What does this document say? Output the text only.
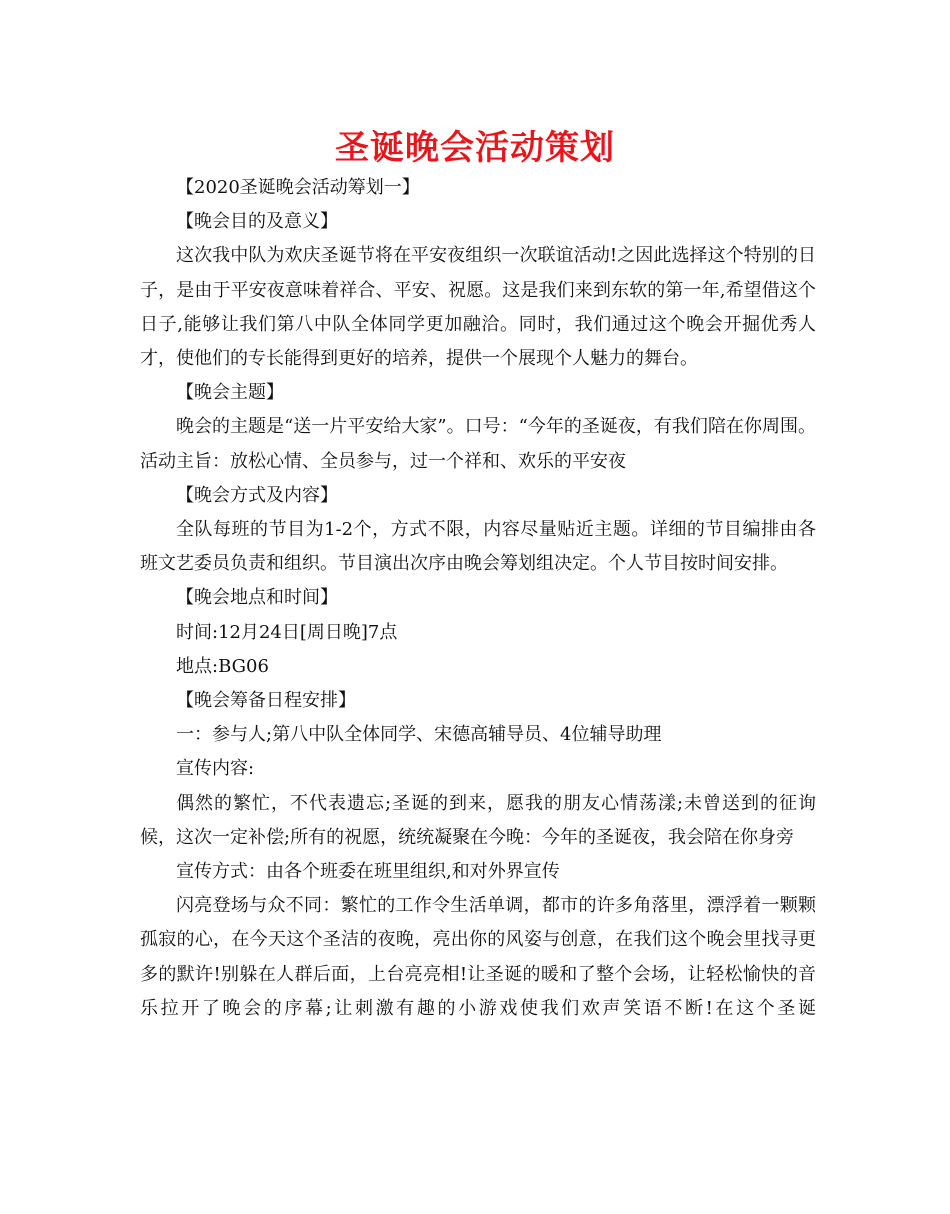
圣诞晚会活动策划

【2020圣诞晚会活动筹划一】

【晚会目的及意义】

这次我中队为欢庆圣诞节将在平安夜组织一次联谊活动!之因此选择这个特别的日子，是由于平安夜意味着祥合、平安、祝愿。这是我们来到东软的第一年,希望借这个日子,能够让我们第八中队全体同学更加融洽。同时，我们通过这个晚会开掘优秀人才，使他们的专长能得到更好的培养，提供一个展现个人魅力的舞台。

【晚会主题】

晚会的主题是“送一片平安给大家”。口号：“今年的圣诞夜，有我们陪在你周围。活动主旨：放松心情、全员参与，过一个祥和、欢乐的平安夜

【晚会方式及内容】

全队每班的节目为1-2个，方式不限，内容尽量贴近主题。详细的节目编排由各班文艺委员负责和组织。节目演出次序由晚会筹划组决定。个人节目按时间安排。

【晚会地点和时间】

时间:12月24日[周日晚]7点

地点:BG06

【晚会筹备日程安排】

一：参与人;第八中队全体同学、宋德高辅导员、4位辅导助理

宣传内容:

偶然的繁忙，不代表遗忘;圣诞的到来，愿我的朋友心情荡漾;未曾送到的征询候，这次一定补偿;所有的祝愿，统统凝聚在今晚：今年的圣诞夜，我会陪在你身旁

宣传方式：由各个班委在班里组织,和对外界宣传

闪亮登场与众不同：繁忙的工作令生活单调，都市的许多角落里，漂浮着一颗颗孤寂的心，在今天这个圣洁的夜晚，亮出你的风姿与创意，在我们这个晚会里找寻更多的默许!别躲在人群后面，上台亮亮相!让圣诞的暖和了整个会场，让轻松愉快的音乐拉开了晚会的序幕;让刺激有趣的小游戏使我们欢声笑语不断!在这个圣诞
